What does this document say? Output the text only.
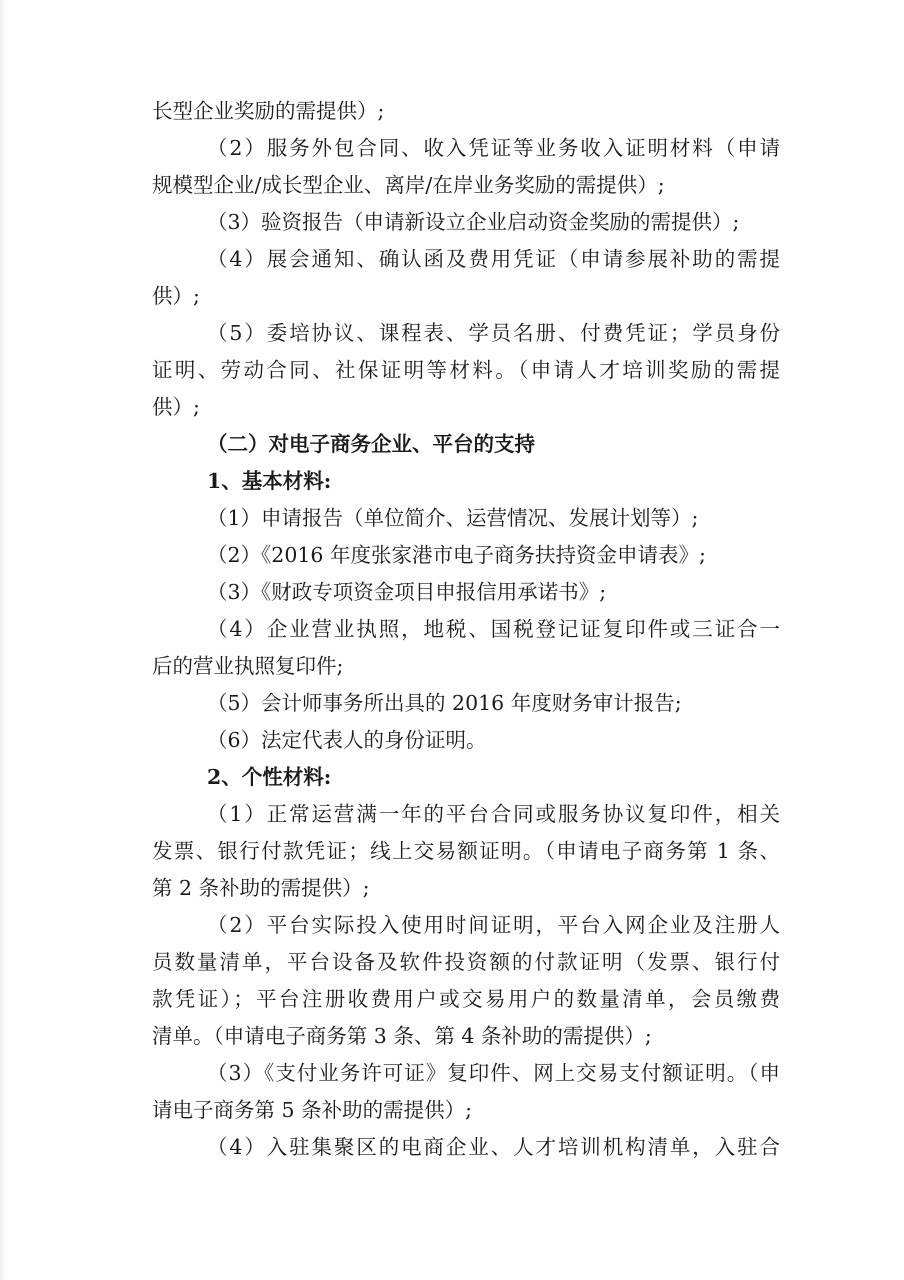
长型企业奖励的需提供）;
（2）服务外包合同、收入凭证等业务收入证明材料（申请
规模型企业/成长型企业、离岸/在岸业务奖励的需提供）;
（3）验资报告（申请新设立企业启动资金奖励的需提供）;
（4）展会通知、确认函及费用凭证（申请参展补助的需提
供）;
（5）委培协议、课程表、学员名册、付费凭证；学员身份
证明、劳动合同、社保证明等材料。（申请人才培训奖励的需提
供）;
（二）对电子商务企业、平台的支持
1、基本材料:
（1）申请报告（单位简介、运营情况、发展计划等）;
（2）《2016 年度张家港市电子商务扶持资金申请表》;
（3）《财政专项资金项目申报信用承诺书》;
（4）企业营业执照，地税、国税登记证复印件或三证合一
后的营业执照复印件;
（5）会计师事务所出具的 2016 年度财务审计报告;
（6）法定代表人的身份证明。
2、个性材料:
（1）正常运营满一年的平台合同或服务协议复印件，相关
发票、银行付款凭证；线上交易额证明。（申请电子商务第 1 条、
第 2 条补助的需提供）;
（2）平台实际投入使用时间证明，平台入网企业及注册人
员数量清单，平台设备及软件投资额的付款证明（发票、银行付
款凭证）；平台注册收费用户或交易用户的数量清单，会员缴费
清单。（申请电子商务第 3 条、第 4 条补助的需提供）;
（3）《支付业务许可证》复印件、网上交易支付额证明。（申
请电子商务第 5 条补助的需提供）;
（4）入驻集聚区的电商企业、人才培训机构清单，入驻合
